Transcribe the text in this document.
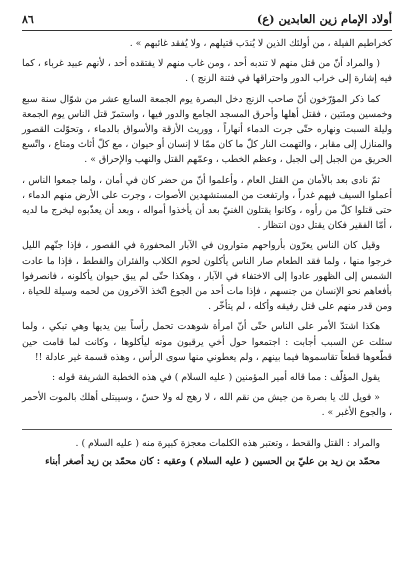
أولاد الإمام زين العابدين (ع)
٨٦

كخراطيم الفيلة ، من أولئك الذين لا يُندَب قتيلهم ، ولا يُفقد غائبهم » .

( والمراد أنّ من قتل منهم لا تندبه أحد ، ومن غاب منهم لا يفتقده أحد ، لأنهم عبيد غرباء ، كما فيه إشارة إلى خراب الدور واحتراقها في فتنة الزنج ) .

كما ذكر المؤرّخون أنّ صاحب الزنج دخل البصرة يوم الجمعة السابع عشر من شوّال سنة سبع وخمسين ومئتين ، فقتل أهلها وأحرق المسجد الجامع والدور فيها ، واستمرّ قتل الناس يوم الجمعة وليلة السبت ونهاره حتّى جرت الدماء أنهاراً ، ووريث الأزقة والأسواق بالدماء ، وتحوّلت القصور والمنازل إلى مقابر ، والتهمت النار كلّ ما كان ممّا لا إنسان أو حيوان ، مع كلّ أثاث ومتاع ، واتّسع الحريق من الجبل إلى الجبل ، وعظم الخطب ، وعمّهم القتل والنهب والإحراق » .

ثمّ نادى بعد بالأمان من القتل العام ، وأعلموا أنّ من حضر كان في أمان ، ولما جمعوا الناس ، أعملوا السيف فيهم غدراً ، وارتفعت من المستشهدين الأصوات ، وجرت على الأرض منهم الدماء ، حتى قتلوا كلّ من رأوه ، وكانوا يقتلون الغنيّ بعد أن يأخذوا أمواله ، وبعد أن يعذّبوه ليخرج ما لديه ، أمّا الفقير فكان يقتل دون انتظار .

وقيل كان الناس يعرّون بأرواحهم متوارون في الآبار المحفورة في القصور ، فإذا جنّهم الليل خرجوا منها ، ولما فقد الطعام صار الناس يأكلون لحوم الكلاب والفئران والقطط ، فإذا ما عادت الشمس إلى الظهور عادوا إلى الاختفاء في الآبار ، وهكذا حتّى لم يبق حيوان يأكلونه ، فانصرفوا بأفعاهم نحو الإنسان من جنسهم ، فإذا مات أحد من الجوع اتّخذ الآخرون من لحمه وسيلة للحياة ، ومن قدر منهم على قتل رفيقه وأكله ، لم يتأخّر .

هكذا اشتدّ الأمر على الناس حتّى أنّ امرأة شوهدت تحمل رأساً بين يديها وهي تبكي ، ولما سئلت عن السبب أجابت : اجتمعوا حول أخي يرقبون موته ليأكلوها ، وكانت لما قامت حين قطّعوها قطعاً تقاسموها فيما بينهم ، ولم يعطوني منها سوى الرأس ، وهذه قسمة غير عادلة !!

يقول المؤلّف : مما قاله أمير المؤمنين ( عليه السلام ) في هذه الخطبة الشريفة قوله :

« فويل لك يا بصرة من جيش من نقم الله ، لا رهج له ولا حسّ ، وسيبتلى أهلك بالموت الأحمر ، والجوع الأغبر » .

والمراد : القتل والقحط ، وتعتبر هذه الكلمات معجزة كبيرة منه ( عليه السلام ) .

محمّد بن زيد بن عليّ بن الحسين ( عليه السلام ) وعقبه : كان محمّد بن زيد أصغر أبناء
